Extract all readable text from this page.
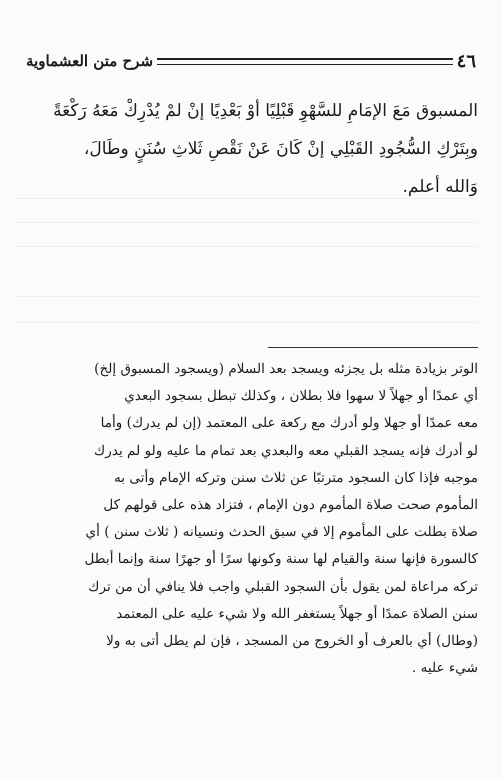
٤٦
شرح متن العشماوية

المسبوق مَعَ الإمَامِ للسَّهْوِ قَبْلِيًا أوْ بَعْدِيًا إنْ لمْ يُدْرِكْ مَعَهُ رَكْعَةً

وبِتَرْكِ السُّجُودِ القَبْلِي إنْ كَانَ عَنْ نَقْصِ ثَلاثِ سُنَنٍ وطَالَ،

وَالله أعلم.

الوتر بزيادة مثله بل يجزئه ويسجد بعد السلام (ويسجود المسبوق إلخ)

أي عمدًا أو جهلاً لا سهوا فلا بطلان ، وكذلك تبطل بسجود البعدي

معه عمدًا أو جهلا ولو أدرك مع ركعة على المعتمد (إن لم يدرك) وأما

لو أدرك فإنه يسجد القبلي معه والبعدي بعد تمام ما عليه ولو لم يدرك

موجبه فإذا كان السجود مترتبًا عن ثلاث سنن وتركه الإمام وأتى به

المأموم صحت صلاة المأموم دون الإمام ، فتزاد هذه على قولهم كل

صلاة بطلت على المأموم إلا في سبق الحدث ونسيانه ( ثلاث سنن ) أي

كالسورة فإنها سنة والقيام لها سنة وكونها سرًا أو جهرًا سنة وإنما أبطل

تركه مراعاة لمن يقول بأن السجود القبلي واجب فلا ينافي أن من ترك

سنن الصلاة عمدًا أو جهلاً يستغفر الله ولا شيء عليه على المعتمد

(وطال) أي بالعرف أو الخروج من المسجد ، فإن لم يطل أتى به ولا

شيء عليه .
